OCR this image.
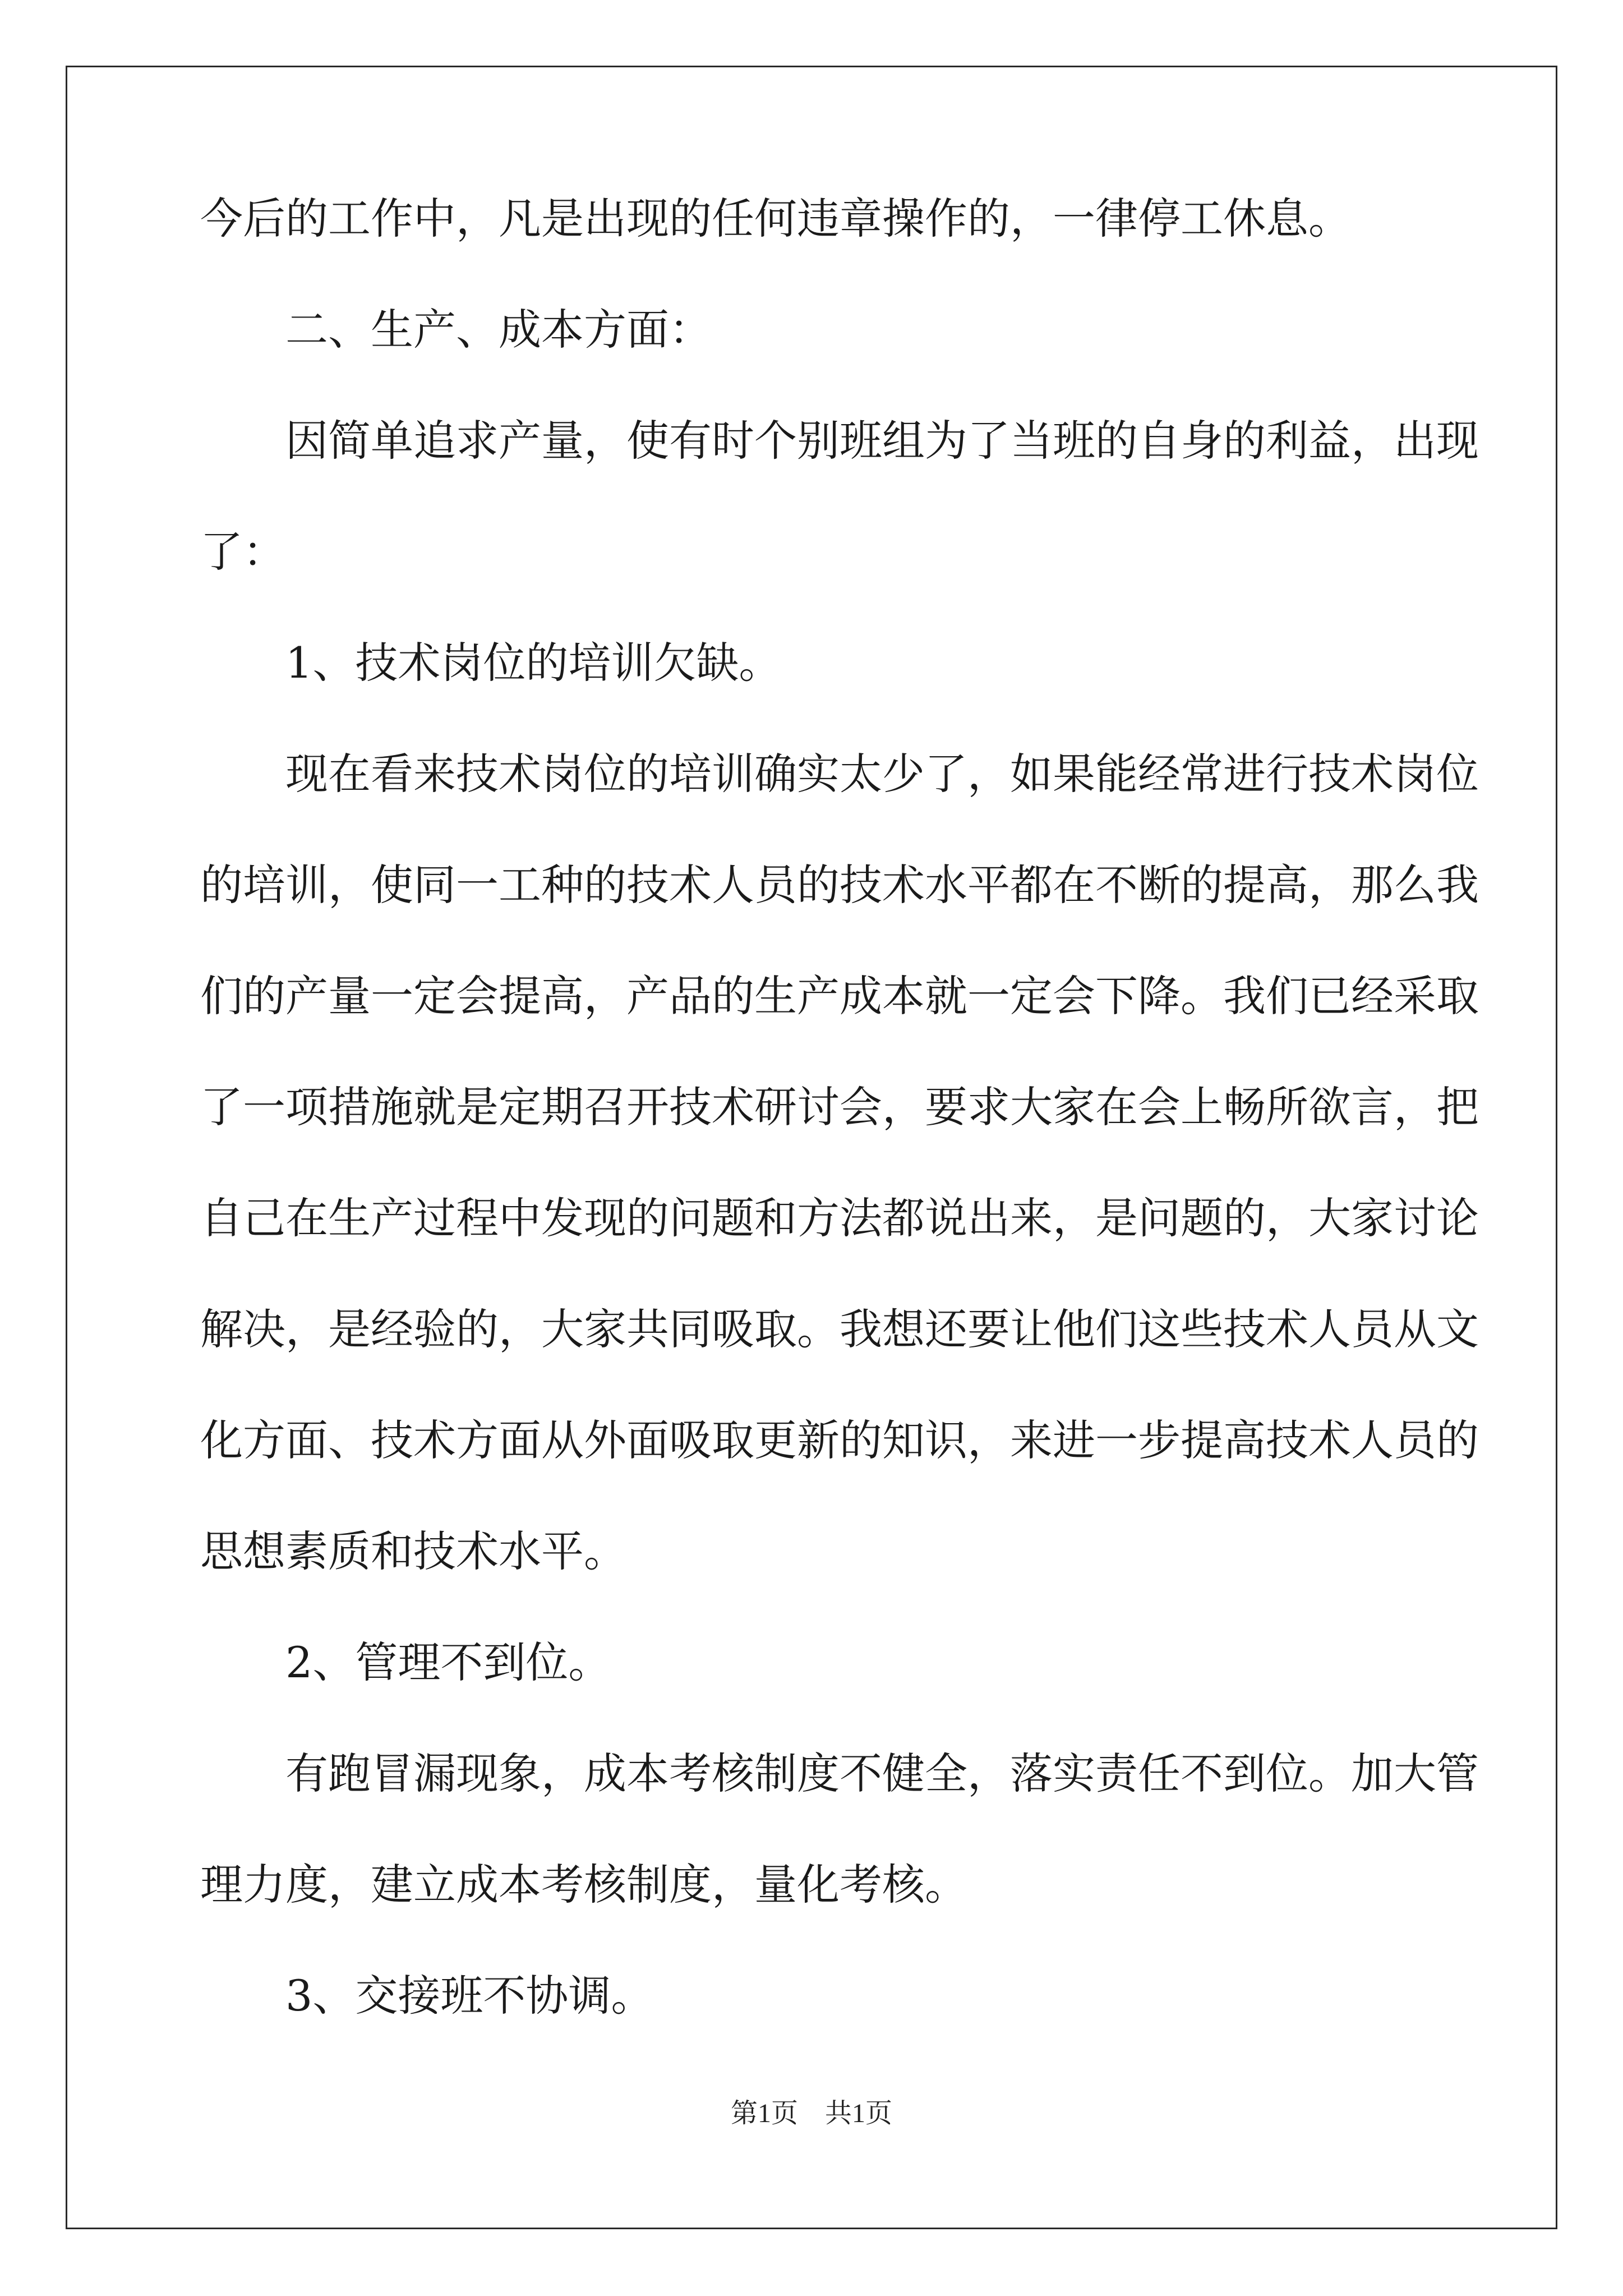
今后的工作中，凡是出现的任何违章操作的，一律停工休息。
二、生产、成本方面：
因简单追求产量，使有时个别班组为了当班的自身的利益，出现
了：
1、技术岗位的培训欠缺。
现在看来技术岗位的培训确实太少了，如果能经常进行技术岗位
的培训，使同一工种的技术人员的技术水平都在不断的提高，那么我
们的产量一定会提高，产品的生产成本就一定会下降。我们已经采取
了一项措施就是定期召开技术研讨会，要求大家在会上畅所欲言，把
自己在生产过程中发现的问题和方法都说出来，是问题的，大家讨论
解决，是经验的，大家共同吸取。我想还要让他们这些技术人员从文
化方面、技术方面从外面吸取更新的知识，来进一步提高技术人员的
思想素质和技术水平。
2、管理不到位。
有跑冒漏现象，成本考核制度不健全，落实责任不到位。加大管
理力度，建立成本考核制度，量化考核。
3、交接班不协调。
第1页　共1页
